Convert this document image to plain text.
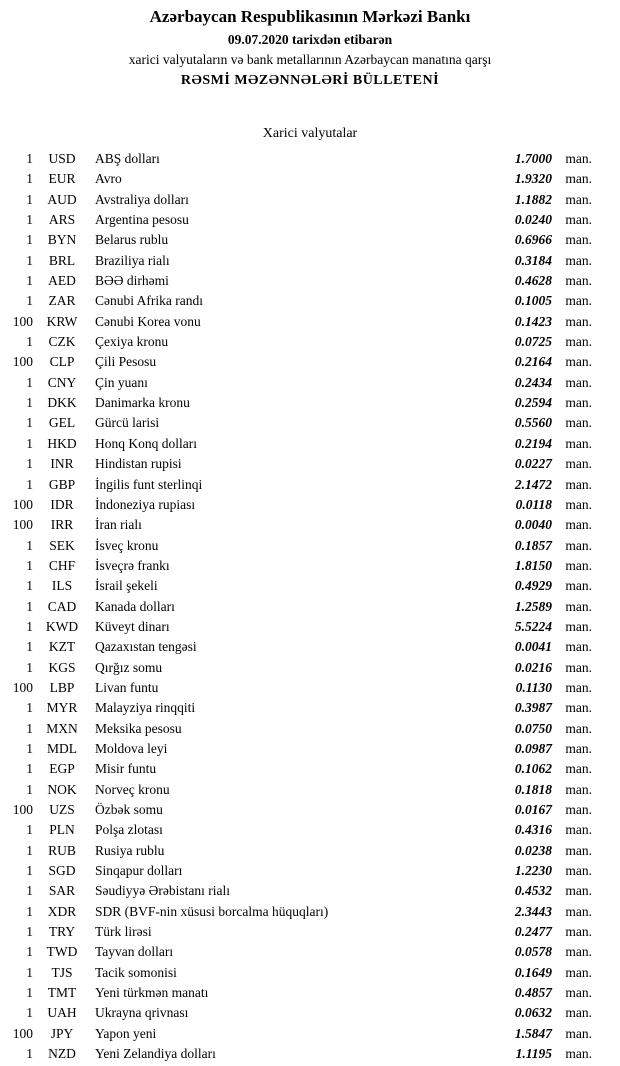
Azərbaycan Respublikasının Mərkəzi Bankı
09.07.2020 tarixdən etibarən
xarici valyutaların və bank metallarının Azərbaycan manatına qarşı
RƏSMİ MƏZƏNNƏLƏRİ BÜLLETENİ
Xarici valyutalar
1	USD	ABŞ dolları	1.7000 man.
1	EUR	Avro	1.9320 man.
1	AUD	Avstraliya dolları	1.1882 man.
1	ARS	Argentina pesosu	0.0240 man.
1	BYN	Belarus rublu	0.6966 man.
1	BRL	Braziliya rialı	0.3184 man.
1	AED	BƏƏ dirhəmi	0.4628 man.
1	ZAR	Cənubi Afrika randı	0.1005 man.
100	KRW	Cənubi Korea vonu	0.1423 man.
1	CZK	Çexiya kronu	0.0725 man.
100	CLP	Çili Pesosu	0.2164 man.
1	CNY	Çin yuanı	0.2434 man.
1	DKK	Danimarka kronu	0.2594 man.
1	GEL	Gürcü larisi	0.5560 man.
1	HKD	Honq Konq dolları	0.2194 man.
1	INR	Hindistan rupisi	0.0227 man.
1	GBP	İngilis funt sterlinqi	2.1472 man.
100	IDR	İndoneziya rupiası	0.0118 man.
100	IRR	İran rialı	0.0040 man.
1	SEK	İsveç kronu	0.1857 man.
1	CHF	İsveçrə frankı	1.8150 man.
1	ILS	İsrail şekeli	0.4929 man.
1	CAD	Kanada dolları	1.2589 man.
1 KWD	Küveyt dinarı	5.5224 man.
1	KZT	Qazaxıstan tengəsi	0.0041 man.
1	KGS	Qırğız somu	0.0216 man.
100	LBP	Livan funtu	0.1130 man.
1	MYR	Malayziya rinqqiti	0.3987 man.
1 MXN	Meksika pesosu	0.0750 man.
1	MDL	Moldova leyi	0.0987 man.
1	EGP	Misir funtu	0.1062 man.
1	NOK	Norveç kronu	0.1818 man.
100	UZS	Özbək somu	0.0167 man.
1	PLN	Polşa zlotası	0.4316 man.
1	RUB	Rusiya rublu	0.0238 man.
1	SGD	Sinqapur dolları	1.2230 man.
1	SAR	Səudiyyə Ərəbistanı rialı	0.4532 man.
1	XDR	SDR (BVF-nin xüsusi borcalma hüquqları)	2.3443 man.
1	TRY	Türk lirəsi	0.2477 man.
1	TWD	Tayvan dolları	0.0578 man.
1	TJS	Tacik somonisi	0.1649 man.
1	TMT	Yeni türkmən manatı	0.4857 man.
1	UAH	Ukrayna qrivnası	0.0632 man.
100	JPY	Yapon yeni	1.5847 man.
1	NZD	Yeni Zelandiya dolları	1.1195 man.
